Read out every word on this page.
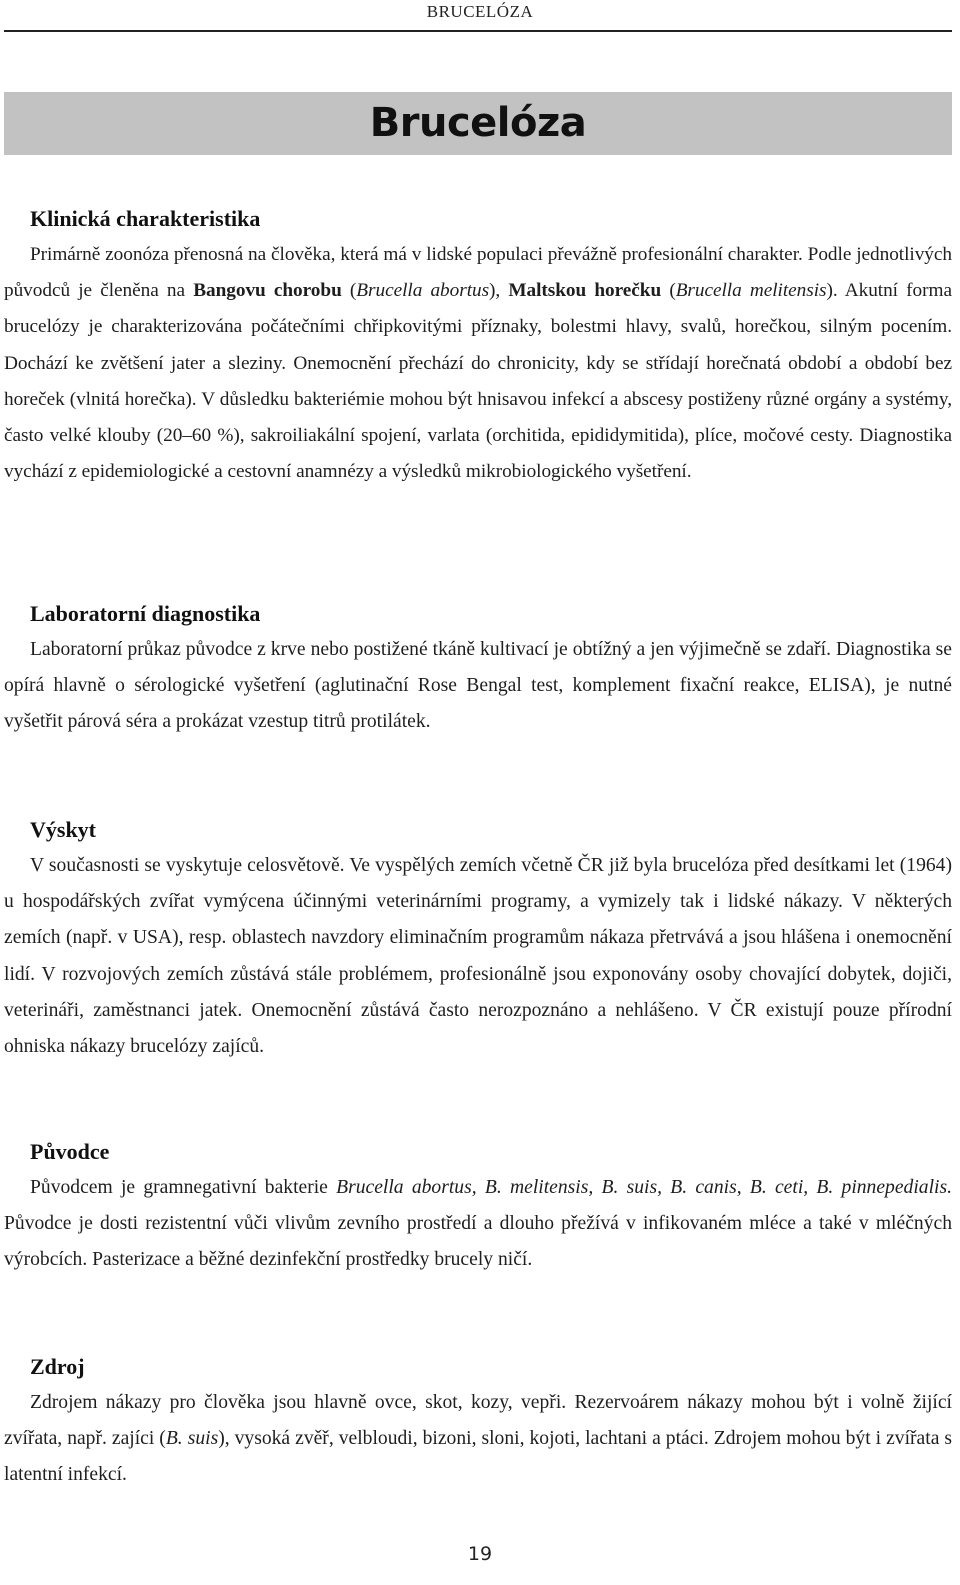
BRUCELÓZA
Brucelóza
Klinická charakteristika

Primárně zoonóza přenosná na člověka, která má v lidské populaci převážně profesionální charakter. Podle jednotlivých původců je členěna na Bangovu chorobu (Brucella abortus), Maltskou horečku (Brucella melitensis). Akutní forma brucelózy je charakterizována počátečními chřipkovitými příznaky, bolestmi hlavy, svalů, horečkou, silným pocením. Dochází ke zvětšení jater a sleziny. Onemocnění přechází do chronicity, kdy se střídají horečnatá období a období bez horeček (vlnitá horečka). V důsledku bakteriémie mohou být hnisavou infekcí a abscesy postiženy různé orgány a systémy, často velké klouby (20–60 %), sakroiliakální spojení, varlata (orchitida, epididymitida), plíce, močové cesty. Diagnostika vychází z epidemiologické a cestovní anamnézy a výsledků mikrobiologického vyšetření.

Laboratorní diagnostika

Laboratorní průkaz původce z krve nebo postižené tkáně kultivací je obtížný a jen výjimečně se zdaří. Diagnostika se opírá hlavně o sérologické vyšetření (aglutinační Rose Bengal test, komplement fixační reakce, ELISA), je nutné vyšetřit párová séra a prokázat vzestup titrů protilátek.

Výskyt

V současnosti se vyskytuje celosvětově. Ve vyspělých zemích včetně ČR již byla brucelóza před desítkami let (1964) u hospodářských zvířat vymýcena účinnými veterinárními programy, a vymizely tak i lidské nákazy. V některých zemích (např. v USA), resp. oblastech navzdory eliminačním programům nákaza přetrvává a jsou hlášena i onemocnění lidí. V rozvojových zemích zůstává stále problémem, profesionálně jsou exponovány osoby chovající dobytek, dojiči, veterináři, zaměstnanci jatek. Onemocnění zůstává často nerozpoznáno a nehlášeno. V ČR existují pouze přírodní ohniska nákazy brucelózy zajíců.

Původce

Původcem je gramnegativní bakterie Brucella abortus, B. melitensis, B. suis, B. canis, B. ceti, B. pinnepedialis. Původce je dosti rezistentní vůči vlivům zevního prostředí a dlouho přežívá v infikovaném mléce a také v mléčných výrobcích. Pasterizace a běžné dezinfekční prostředky brucely ničí.

Zdroj

Zdrojem nákazy pro člověka jsou hlavně ovce, skot, kozy, vepři. Rezervoárem nákazy mohou být i volně žijící zvířata, např. zajíci (B. suis), vysoká zvěř, velbloudi, bizoni, sloni, kojoti, lachtani a ptáci. Zdrojem mohou být i zvířata s latentní infekcí.

19
